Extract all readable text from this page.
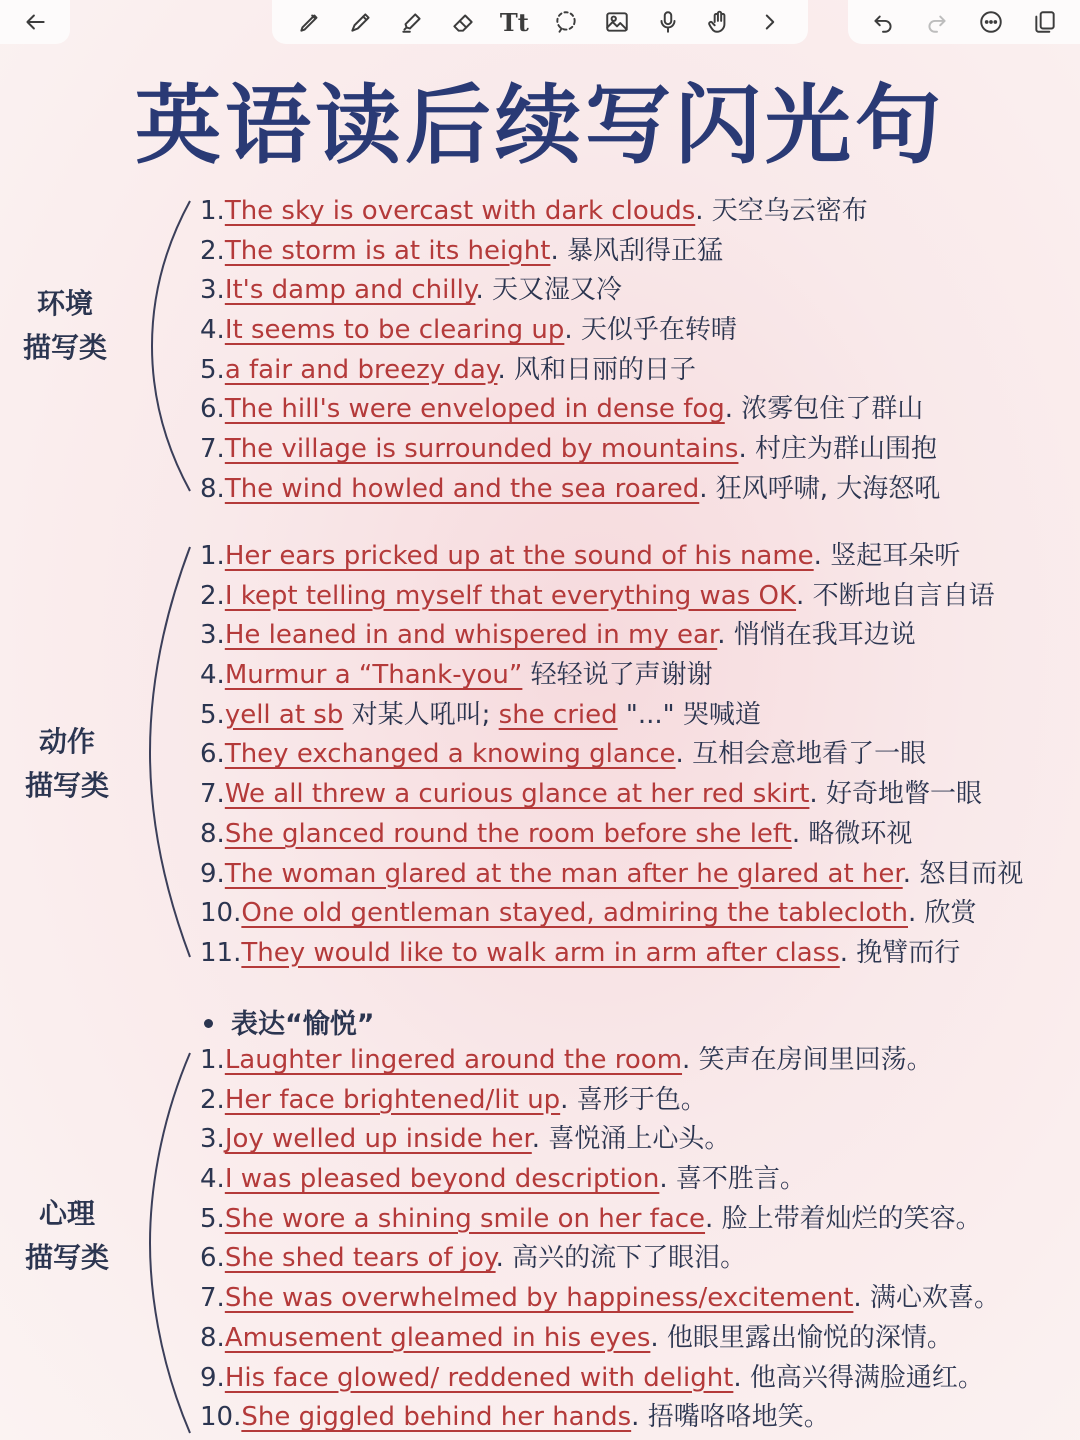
Tt
英语读后续写闪光句
环境
描写类
1.The sky is overcast with dark clouds. 天空乌云密布
2.The storm is at its height. 暴风刮得正猛
3.It's damp and chilly. 天又湿又冷
4.It seems to be clearing up. 天似乎在转晴
5.a fair and breezy day. 风和日丽的日子
6.The hill's were enveloped in dense fog. 浓雾包住了群山
7.The village is surrounded by mountains. 村庄为群山围抱
8.The wind howled and the sea roared. 狂风呼啸, 大海怒吼
动作
描写类
1.Her ears pricked up at the sound of his name. 竖起耳朵听
2.I kept telling myself that everything was OK. 不断地自言自语
3.He leaned in and whispered in my ear. 悄悄在我耳边说
4.Murmur a “Thank-you” 轻轻说了声谢谢
5.yell at sb 对某人吼叫; she cried "..." 哭喊道
6.They exchanged a knowing glance. 互相会意地看了一眼
7.We all threw a curious glance at her red skirt. 好奇地瞥一眼
8.She glanced round the room before she left. 略微环视
9.The woman glared at the man after he glared at her. 怒目而视
10.One old gentleman stayed, admiring the tablecloth. 欣赏
11.They would like to walk arm in arm after class. 挽臂而行
表达“愉悦”
心理
描写类
1.Laughter lingered around the room. 笑声在房间里回荡。
2.Her face brightened/lit up. 喜形于色。
3.Joy welled up inside her. 喜悦涌上心头。
4.I was pleased beyond description. 喜不胜言。
5.She wore a shining smile on her face. 脸上带着灿烂的笑容。
6.She shed tears of joy. 高兴的流下了眼泪。
7.She was overwhelmed by happiness/excitement. 满心欢喜。
8.Amusement gleamed in his eyes. 他眼里露出愉悦的深情。
9.His face glowed/ reddened with delight. 他高兴得满脸通红。
10.She giggled behind her hands. 捂嘴咯咯地笑。
